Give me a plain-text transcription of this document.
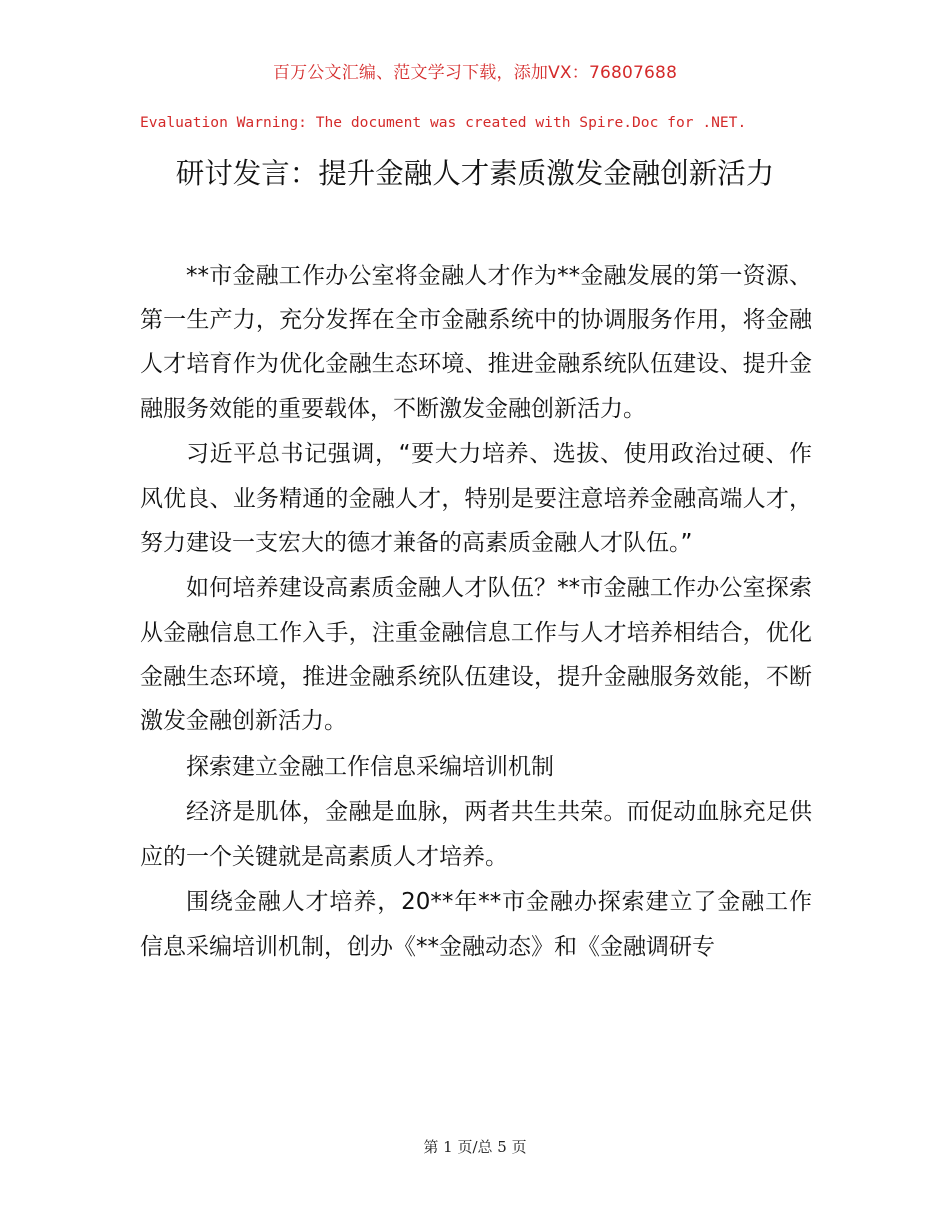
百万公文汇编、范文学习下载，添加VX：76807688
Evaluation Warning: The document was created with Spire.Doc for .NET.
研讨发言：提升金融人才素质激发金融创新活力

**市金融工作办公室将金融人才作为**金融发展的第一资源、第一生产力，充分发挥在全市金融系统中的协调服务作用，将金融人才培育作为优化金融生态环境、推进金融系统队伍建设、提升金融服务效能的重要载体，不断激发金融创新活力。

习近平总书记强调，“要大力培养、选拔、使用政治过硬、作风优良、业务精通的金融人才，特别是要注意培养金融高端人才，努力建设一支宏大的德才兼备的高素质金融人才队伍。”

如何培养建设高素质金融人才队伍？**市金融工作办公室探索从金融信息工作入手，注重金融信息工作与人才培养相结合，优化金融生态环境，推进金融系统队伍建设，提升金融服务效能，不断激发金融创新活力。

探索建立金融工作信息采编培训机制

经济是肌体，金融是血脉，两者共生共荣。而促动血脉充足供应的一个关键就是高素质人才培养。

围绕金融人才培养，20**年**市金融办探索建立了金融工作信息采编培训机制，创办《**金融动态》和《金融调研专

第 1 页/总 5 页
